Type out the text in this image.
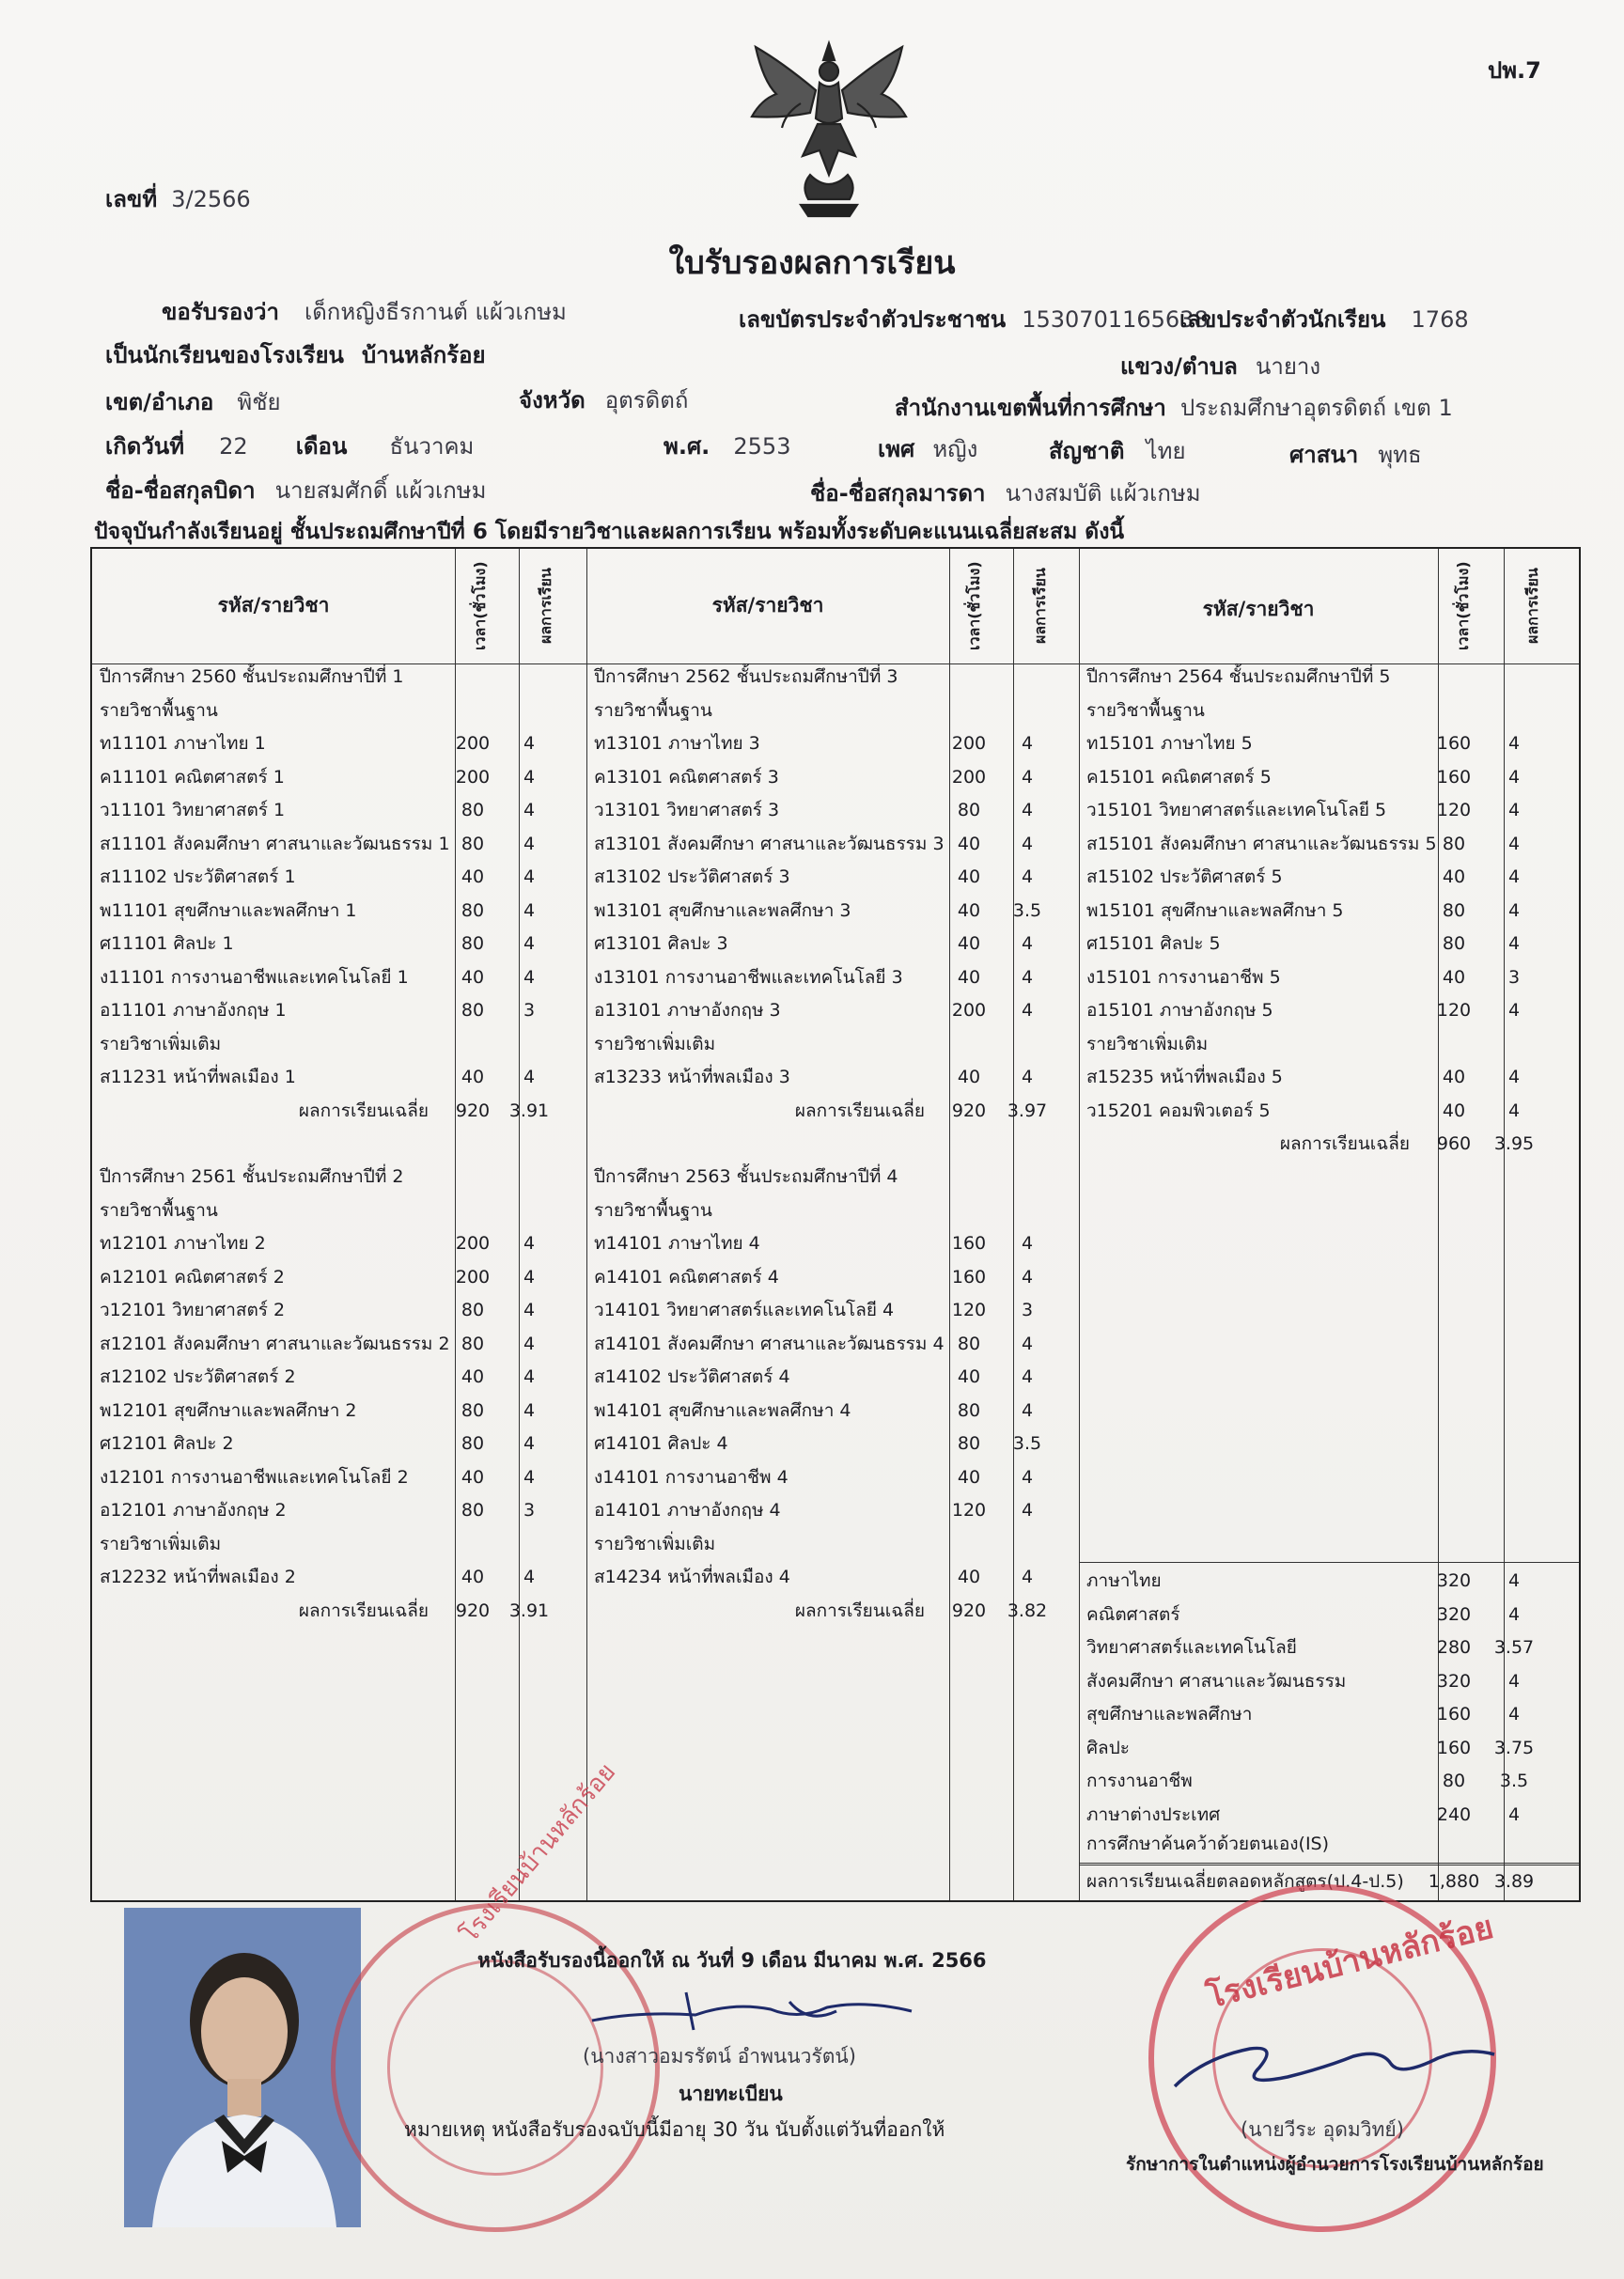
ปพ.7
เลขที่ 3/2566
ใบรับรองผลการเรียน
ขอรับรองว่า เด็กหญิงธีรกานต์ แผ้วเกษม	เลขบัตรประจำตัวประชาชน 1530701165638
เลขประจำตัวนักเรียน 1768
เป็นนักเรียนของโรงเรียน บ้านหลักร้อย	แขวง/ตำบล นายาง
เขต/อำเภอ พิชัย	จังหวัด อุตรดิตถ์	สำนักงานเขตพื้นที่การศึกษา ประถมศึกษาอุตรดิตถ์ เขต 1
เกิดวันที่ 22 เดือน ธันวาคม	พ.ศ. 2553	เพศ หญิง	สัญชาติ ไทย	ศาสนา พุทธ
ชื่อ-ชื่อสกุลบิดา นายสมศักดิ์ แผ้วเกษม	ชื่อ-ชื่อสกุลมารดา นางสมบัติ แผ้วเกษม
ปัจจุบันกำลังเรียนอยู่ ชั้นประถมศึกษาปีที่ 6 โดยมีรายวิชาและผลการเรียน พร้อมทั้งระดับคะแนนเฉลี่ยสะสม ดังนี้
รหัส/รายวิชา	เวลา(ชั่วโมง)	ผลการเรียน	รหัส/รายวิชา	เวลา(ชั่วโมง)	ผลการเรียน	รหัส/รายวิชา	เวลา(ชั่วโมง)	ผลการเรียน
ปีการศึกษา 2560 ชั้นประถมศึกษาปีที่ 1
รายวิชาพื้นฐาน
ท11101 ภาษาไทย 1	200	4
ค11101 คณิตศาสตร์ 1	200	4
ว11101 วิทยาศาสตร์ 1	80	4
ส11101 สังคมศึกษา ศาสนาและวัฒนธรรม 1 80	4
ส11102 ประวัติศาสตร์ 1	40	4
พ11101 สุขศึกษาและพลศึกษา 1	80	4
ศ11101 ศิลปะ 1	80	4
ง11101 การงานอาชีพและเทคโนโลยี 1	40	4
อ11101 ภาษาอังกฤษ 1	80	3
รายวิชาเพิ่มเติม
ส11231 หน้าที่พลเมือง 1	40	4
ผลการเรียนเฉลี่ย	920	3.91
ปีการศึกษา 2561 ชั้นประถมศึกษาปีที่ 2
รายวิชาพื้นฐาน
ท12101 ภาษาไทย 2	200	4
ค12101 คณิตศาสตร์ 2	200	4
ว12101 วิทยาศาสตร์ 2	80	4
ส12101 สังคมศึกษา ศาสนาและวัฒนธรรม 2 80	4
ส12102 ประวัติศาสตร์ 2	40	4
พ12101 สุขศึกษาและพลศึกษา 2	80	4
ศ12101 ศิลปะ 2	80	4
ง12101 การงานอาชีพและเทคโนโลยี 2	40	4
อ12101 ภาษาอังกฤษ 2	80	3
รายวิชาเพิ่มเติม
ส12232 หน้าที่พลเมือง 2	40	4
ผลการเรียนเฉลี่ย	920	3.91
ปีการศึกษา 2562 ชั้นประถมศึกษาปีที่ 3
รายวิชาพื้นฐาน
ท13101 ภาษาไทย 3	200	4
ค13101 คณิตศาสตร์ 3	200	4
ว13101 วิทยาศาสตร์ 3	80	4
ส13101 สังคมศึกษา ศาสนาและวัฒนธรรม 3 40	4
ส13102 ประวัติศาสตร์ 3	40	4
พ13101 สุขศึกษาและพลศึกษา 3	40	3.5
ศ13101 ศิลปะ 3	40	4
ง13101 การงานอาชีพและเทคโนโลยี 3	40	4
อ13101 ภาษาอังกฤษ 3	200	4
รายวิชาเพิ่มเติม
ส13233 หน้าที่พลเมือง 3	40	4
ผลการเรียนเฉลี่ย	920	3.97
ปีการศึกษา 2563 ชั้นประถมศึกษาปีที่ 4
รายวิชาพื้นฐาน
ท14101 ภาษาไทย 4	160	4
ค14101 คณิตศาสตร์ 4	160	4
ว14101 วิทยาศาสตร์และเทคโนโลยี 4	120	3
ส14101 สังคมศึกษา ศาสนาและวัฒนธรรม 4 80	4
ส14102 ประวัติศาสตร์ 4	40	4
พ14101 สุขศึกษาและพลศึกษา 4	80	4
ศ14101 ศิลปะ 4	80	3.5
ง14101 การงานอาชีพ 4	40	4
อ14101 ภาษาอังกฤษ 4	120	4
รายวิชาเพิ่มเติม
ส14234 หน้าที่พลเมือง 4	40	4
ผลการเรียนเฉลี่ย	920	3.82
ปีการศึกษา 2564 ชั้นประถมศึกษาปีที่ 5
รายวิชาพื้นฐาน
ท15101 ภาษาไทย 5	160	4
ค15101 คณิตศาสตร์ 5	160	4
ว15101 วิทยาศาสตร์และเทคโนโลยี 5	120	4
ส15101 สังคมศึกษา ศาสนาและวัฒนธรรม 5 80	4
ส15102 ประวัติศาสตร์ 5	40	4
พ15101 สุขศึกษาและพลศึกษา 5	80	4
ศ15101 ศิลปะ 5	80	4
ง15101 การงานอาชีพ 5	40	3
อ15101 ภาษาอังกฤษ 5	120	4
รายวิชาเพิ่มเติม
ส15235 หน้าที่พลเมือง 5	40	4
ว15201 คอมพิวเตอร์ 5	40	4
ผลการเรียนเฉลี่ย	960	3.95
ภาษาไทย	320	4
คณิตศาสตร์	320	4
วิทยาศาสตร์และเทคโนโลยี	280	3.57
สังคมศึกษา ศาสนาและวัฒนธรรม	320	4
สุขศึกษาและพลศึกษา	160	4
ศิลปะ	160	3.75
การงานอาชีพ	80	3.5
ภาษาต่างประเทศ	240	4
การศึกษาค้นคว้าด้วยตนเอง(IS)
ผลการเรียนเฉลี่ยตลอดหลักสูตร(ป.4-ป.5)	1,880 3.89
โรงเรียนบ้านหลักร้อย
โรงเรียนบ้านหลักร้อย
หนังสือรับรองนี้ออกให้ ณ วันที่ 9 เดือน มีนาคม พ.ศ. 2566
(นางสาวอมรรัตน์ อำพนนวรัตน์)
นายทะเบียน
หมายเหตุ หนังสือรับรองฉบับนี้มีอายุ 30 วัน นับตั้งแต่วันที่ออกให้	(นายวีระ อุดมวิทย์)
รักษาการในตำแหน่งผู้อำนวยการโรงเรียนบ้านหลักร้อย
